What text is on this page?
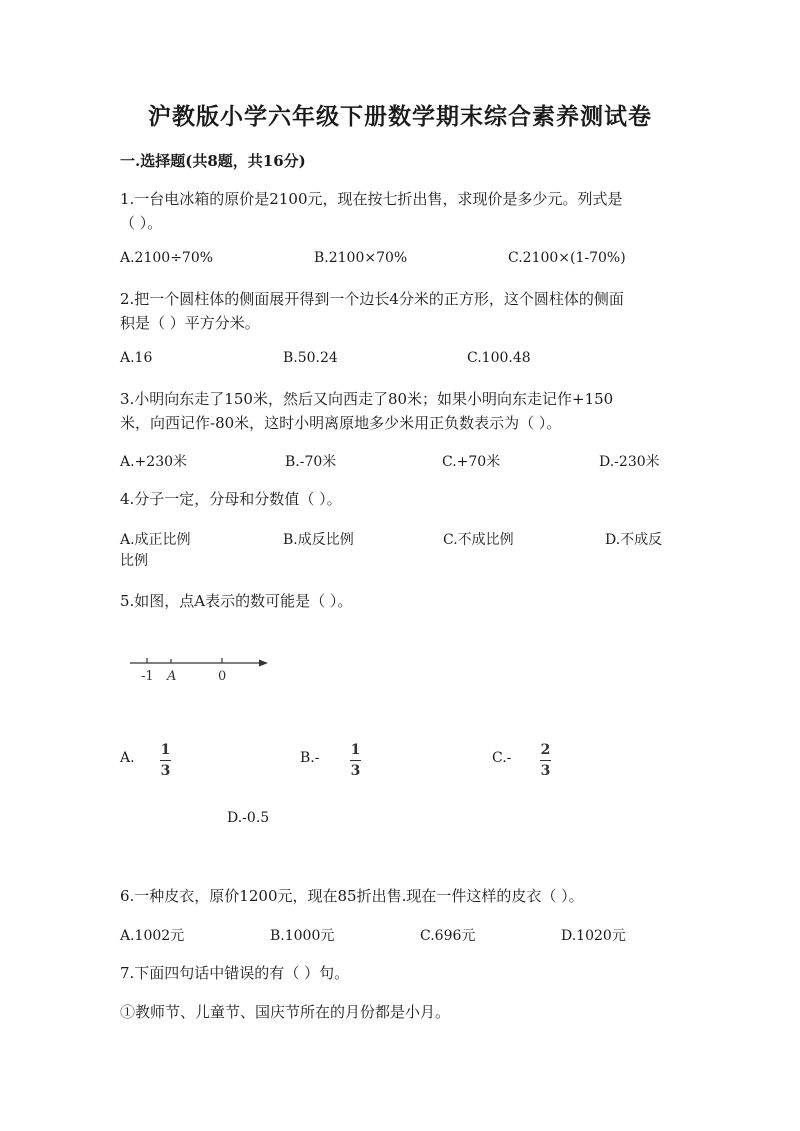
沪教版小学六年级下册数学期末综合素养测试卷
一.选择题(共8题，共16分)
1.一台电冰箱的原价是2100元，现在按七折出售，求现价是多少元。列式是
（ ）。
A.2100÷70%	B.2100×70%	C.2100×(1-70%)
2.把一个圆柱体的侧面展开得到一个边长4分米的正方形，这个圆柱体的侧面
积是（ ）平方分米。
A.16	B.50.24	C.100.48
3.小明向东走了150米，然后又向西走了80米；如果小明向东走记作+150
米，向西记作-80米，这时小明离原地多少米用正负数表示为（ ）。
A.+230米	B.-70米	C.+70米	D.-230米
4.分子一定，分母和分数值（ ）。
A.成正比例	B.成反比例	C.不成比例	D.不成反
比例
5.如图，点A表示的数可能是（ ）。
-1 A	0
A. 1
3
B.- 1
3
C.- 2
3
D.-0.5
6.一种皮衣，原价1200元，现在85折出售.现在一件这样的皮衣（ ）。
A.1002元	B.1000元	C.696元	D.1020元
7.下面四句话中错误的有（ ）句。
①教师节、儿童节、国庆节所在的月份都是小月。
